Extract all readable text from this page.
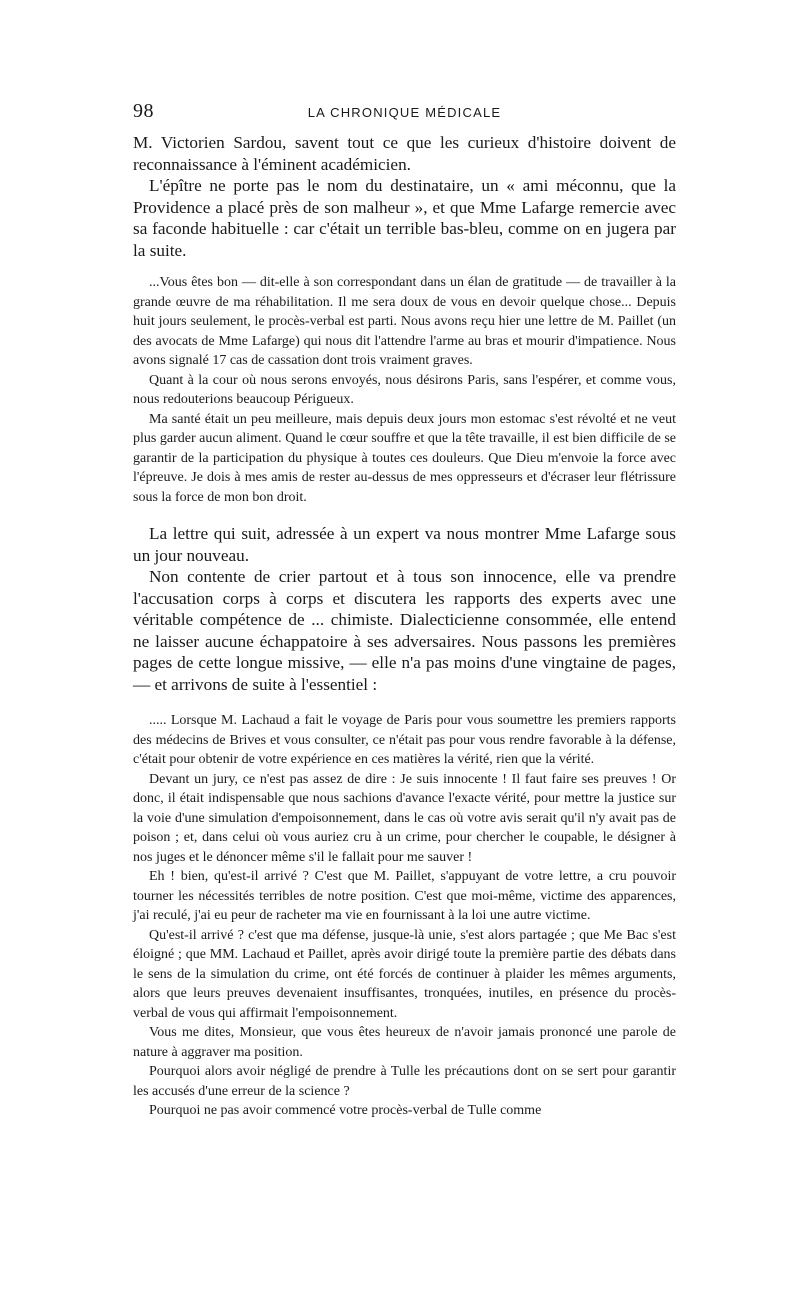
98	LA CHRONIQUE MÉDICALE

M. Victorien Sardou, savent tout ce que les curieux d'histoire doivent de reconnaissance à l'éminent académicien.

L'épître ne porte pas le nom du destinataire, un « ami méconnu, que la Providence a placé près de son malheur », et que Mme Lafarge remercie avec sa faconde habituelle : car c'était un terrible bas-bleu, comme on en jugera par la suite.

...Vous êtes bon — dit-elle à son correspondant dans un élan de gratitude — de travailler à la grande œuvre de ma réhabilitation. Il me sera doux de vous en devoir quelque chose... Depuis huit jours seulement, le procès-verbal est parti. Nous avons reçu hier une lettre de M. Paillet (un des avocats de Mme Lafarge) qui nous dit l'attendre l'arme au bras et mourir d'impatience. Nous avons signalé 17 cas de cassation dont trois vraiment graves.

Quant à la cour où nous serons envoyés, nous désirons Paris, sans l'espérer, et comme vous, nous redouterions beaucoup Périgueux.

Ma santé était un peu meilleure, mais depuis deux jours mon estomac s'est révolté et ne veut plus garder aucun aliment. Quand le cœur souffre et que la tête travaille, il est bien difficile de se garantir de la participation du physique à toutes ces douleurs. Que Dieu m'envoie la force avec l'épreuve. Je dois à mes amis de rester au-dessus de mes oppresseurs et d'écraser leur flétrissure sous la force de mon bon droit.

La lettre qui suit, adressée à un expert va nous montrer Mme Lafarge sous un jour nouveau.

Non contente de crier partout et à tous son innocence, elle va prendre l'accusation corps à corps et discutera les rapports des experts avec une véritable compétence de ... chimiste. Dialecticienne consommée, elle entend ne laisser aucune échappatoire à ses adversaires. Nous passons les premières pages de cette longue missive, — elle n'a pas moins d'une vingtaine de pages, — et arrivons de suite à l'essentiel :

..... Lorsque M. Lachaud a fait le voyage de Paris pour vous soumettre les premiers rapports des médecins de Brives et vous consulter, ce n'était pas pour vous rendre favorable à la défense, c'était pour obtenir de votre expérience en ces matières la vérité, rien que la vérité.

Devant un jury, ce n'est pas assez de dire : Je suis innocente ! Il faut faire ses preuves ! Or donc, il était indispensable que nous sachions d'avance l'exacte vérité, pour mettre la justice sur la voie d'une simulation d'empoisonnement, dans le cas où votre avis serait qu'il n'y avait pas de poison ; et, dans celui où vous auriez cru à un crime, pour chercher le coupable, le désigner à nos juges et le dénoncer même s'il le fallait pour me sauver !

Eh ! bien, qu'est-il arrivé ? C'est que M. Paillet, s'appuyant de votre lettre, a cru pouvoir tourner les nécessités terribles de notre position. C'est que moi-même, victime des apparences, j'ai reculé, j'ai eu peur de racheter ma vie en fournissant à la loi une autre victime.

Qu'est-il arrivé ? c'est que ma défense, jusque-là unie, s'est alors partagée ; que Me Bac s'est éloigné ; que MM. Lachaud et Paillet, après avoir dirigé toute la première partie des débats dans le sens de la simulation du crime, ont été forcés de continuer à plaider les mêmes arguments, alors que leurs preuves devenaient insuffisantes, tronquées, inutiles, en présence du procès-verbal de vous qui affirmait l'empoisonnement.

Vous me dites, Monsieur, que vous êtes heureux de n'avoir jamais prononcé une parole de nature à aggraver ma position.

Pourquoi alors avoir négligé de prendre à Tulle les précautions dont on se sert pour garantir les accusés d'une erreur de la science ?

Pourquoi ne pas avoir commencé votre procès-verbal de Tulle comme
